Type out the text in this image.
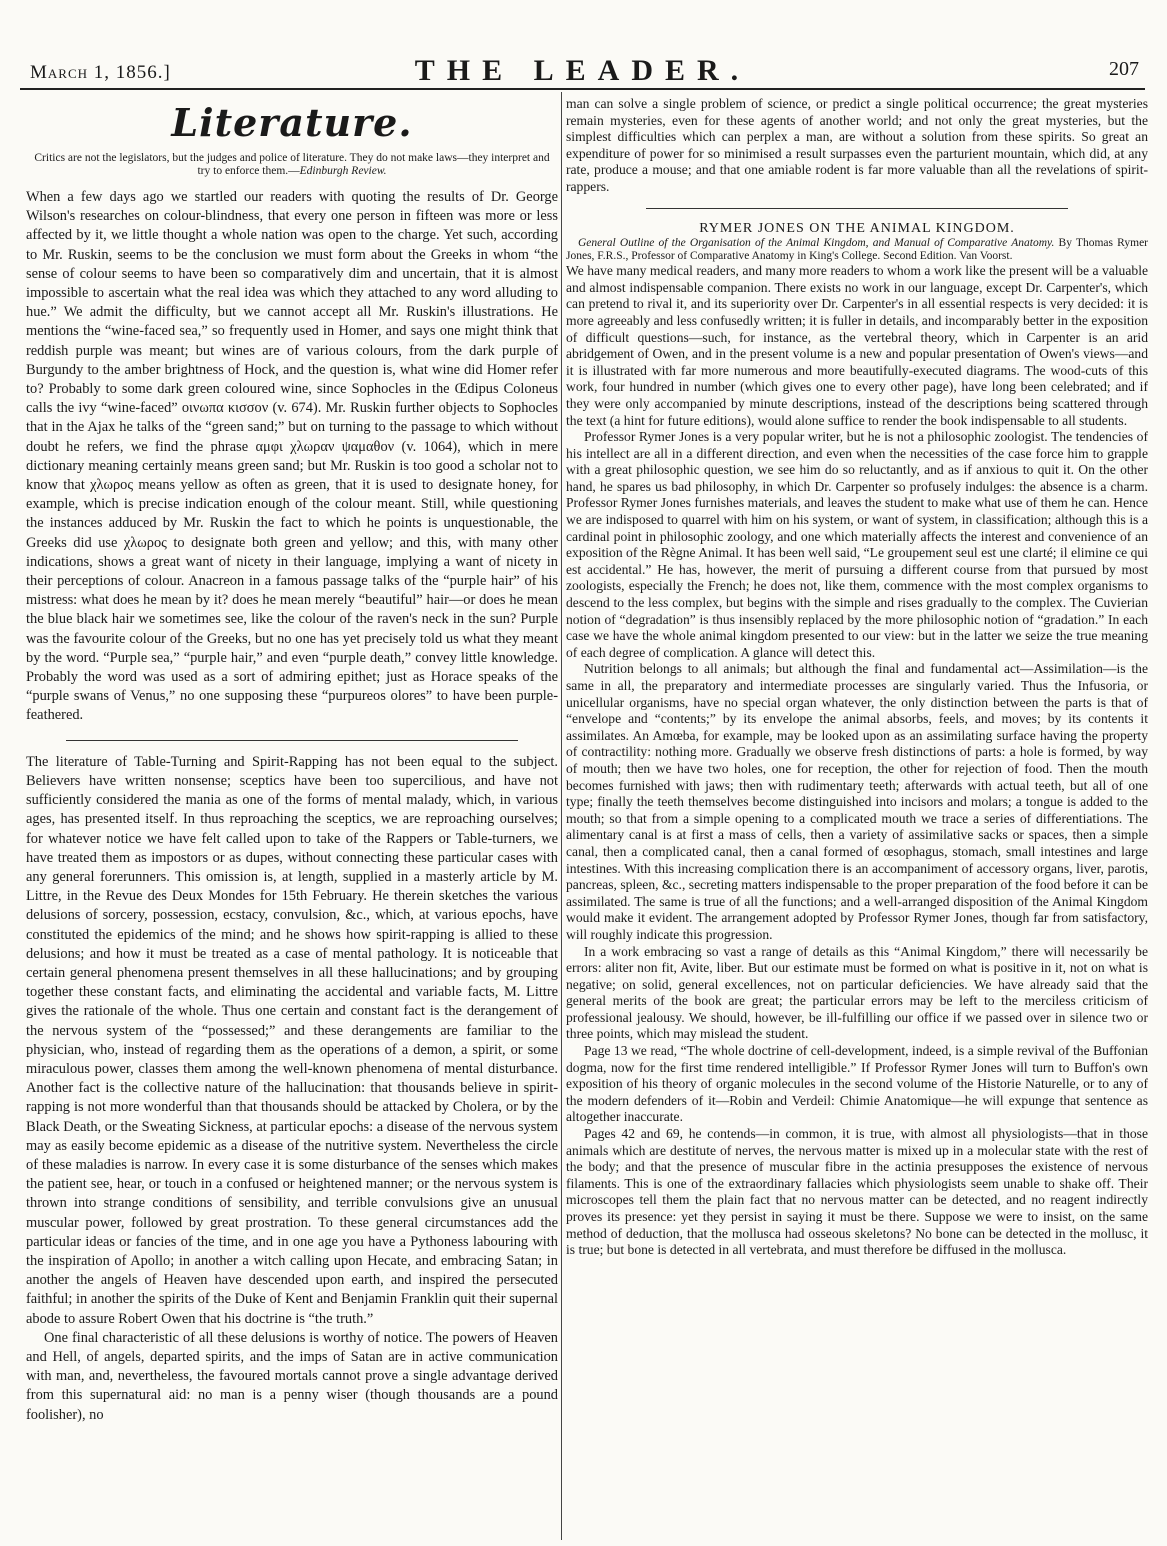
March 1, 1856.]	THE LEADER.	207
Literature.
Critics are not the legislators, but the judges and police of literature. They do not make laws—they interpret and try to enforce them.—Edinburgh Review.

When a few days ago we startled our readers with quoting the results of Dr. George Wilson's researches on colour-blindness, that every one person in fifteen was more or less affected by it, we little thought a whole nation was open to the charge. Yet such, according to Mr. Ruskin, seems to be the conclusion we must form about the Greeks in whom “the sense of colour seems to have been so comparatively dim and uncertain, that it is almost impossible to ascertain what the real idea was which they attached to any word alluding to hue.” We admit the difficulty, but we cannot accept all Mr. Ruskin's illustrations. He mentions the “wine-faced sea,” so frequently used in Homer, and says one might think that reddish purple was meant; but wines are of various colours, from the dark purple of Burgundy to the amber brightness of Hock, and the question is, what wine did Homer refer to? Probably to some dark green coloured wine, since Sophocles in the Œdipus Coloneus calls the ivy “wine-faced” οινωπα κισσον (v. 674). Mr. Ruskin further objects to Sophocles that in the Ajax he talks of the “green sand;” but on turning to the passage to which without doubt he refers, we find the phrase αμφι χλωραν ψαμαθον (v. 1064), which in mere dictionary meaning certainly means green sand; but Mr. Ruskin is too good a scholar not to know that χλωρος means yellow as often as green, that it is used to designate honey, for example, which is precise indication enough of the colour meant. Still, while questioning the instances adduced by Mr. Ruskin the fact to which he points is unquestionable, the Greeks did use χλωρος to designate both green and yellow; and this, with many other indications, shows a great want of nicety in their language, implying a want of nicety in their perceptions of colour. Anacreon in a famous passage talks of the “purple hair” of his mistress: what does he mean by it? does he mean merely “beautiful” hair—or does he mean the blue black hair we sometimes see, like the colour of the raven's neck in the sun? Purple was the favourite colour of the Greeks, but no one has yet precisely told us what they meant by the word. “Purple sea,” “purple hair,” and even “purple death,” convey little knowledge. Probably the word was used as a sort of admiring epithet; just as Horace speaks of the “purple swans of Venus,” no one supposing these “purpureos olores” to have been purple-feathered.

The literature of Table-Turning and Spirit-Rapping has not been equal to the subject. Believers have written nonsense; sceptics have been too supercilious, and have not sufficiently considered the mania as one of the forms of mental malady, which, in various ages, has presented itself. In thus reproaching the sceptics, we are reproaching ourselves; for whatever notice we have felt called upon to take of the Rappers or Table-turners, we have treated them as impostors or as dupes, without connecting these particular cases with any general forerunners. This omission is, at length, supplied in a masterly article by M. Littre, in the Revue des Deux Mondes for 15th February. He therein sketches the various delusions of sorcery, possession, ecstacy, convulsion, &c., which, at various epochs, have constituted the epidemics of the mind; and he shows how spirit-rapping is allied to these delusions; and how it must be treated as a case of mental pathology. It is noticeable that certain general phenomena present themselves in all these hallucinations; and by grouping together these constant facts, and eliminating the accidental and variable facts, M. Littre gives the rationale of the whole. Thus one certain and constant fact is the derangement of the nervous system of the “possessed;” and these derangements are familiar to the physician, who, instead of regarding them as the operations of a demon, a spirit, or some miraculous power, classes them among the well-known phenomena of mental disturbance. Another fact is the collective nature of the hallucination: that thousands believe in spirit-rapping is not more wonderful than that thousands should be attacked by Cholera, or by the Black Death, or the Sweating Sickness, at particular epochs: a disease of the nervous system may as easily become epidemic as a disease of the nutritive system. Nevertheless the circle of these maladies is narrow. In every case it is some disturbance of the senses which makes the patient see, hear, or touch in a confused or heightened manner; or the nervous system is thrown into strange conditions of sensibility, and terrible convulsions give an unusual muscular power, followed by great prostration. To these general circumstances add the particular ideas or fancies of the time, and in one age you have a Pythoness labouring with the inspiration of Apollo; in another a witch calling upon Hecate, and embracing Satan; in another the angels of Heaven have descended upon earth, and inspired the persecuted faithful; in another the spirits of the Duke of Kent and Benjamin Franklin quit their supernal abode to assure Robert Owen that his doctrine is “the truth.”

One final characteristic of all these delusions is worthy of notice. The powers of Heaven and Hell, of angels, departed spirits, and the imps of Satan are in active communication with man, and, nevertheless, the favoured mortals cannot prove a single advantage derived from this supernatural aid: no man is a penny wiser (though thousands are a pound foolisher), no

man can solve a single problem of science, or predict a single political occurrence; the great mysteries remain mysteries, even for these agents of another world; and not only the great mysteries, but the simplest difficulties which can perplex a man, are without a solution from these spirits. So great an expenditure of power for so minimised a result surpasses even the parturient mountain, which did, at any rate, produce a mouse; and that one amiable rodent is far more valuable than all the revelations of spirit-rappers.

RYMER JONES ON THE ANIMAL KINGDOM.
General Outline of the Organisation of the Animal Kingdom, and Manual of Comparative Anatomy. By Thomas Rymer Jones, F.R.S., Professor of Comparative Anatomy in King's College. Second Edition. Van Voorst.

We have many medical readers, and many more readers to whom a work like the present will be a valuable and almost indispensable companion. There exists no work in our language, except Dr. Carpenter's, which can pretend to rival it, and its superiority over Dr. Carpenter's in all essential respects is very decided: it is more agreeably and less confusedly written; it is fuller in details, and incomparably better in the exposition of difficult questions—such, for instance, as the vertebral theory, which in Carpenter is an arid abridgement of Owen, and in the present volume is a new and popular presentation of Owen's views—and it is illustrated with far more numerous and more beautifully-executed diagrams. The wood-cuts of this work, four hundred in number (which gives one to every other page), have long been celebrated; and if they were only accompanied by minute descriptions, instead of the descriptions being scattered through the text (a hint for future editions), would alone suffice to render the book indispensable to all students.

Professor Rymer Jones is a very popular writer, but he is not a philosophic zoologist. The tendencies of his intellect are all in a different direction, and even when the necessities of the case force him to grapple with a great philosophic question, we see him do so reluctantly, and as if anxious to quit it. On the other hand, he spares us bad philosophy, in which Dr. Carpenter so profusely indulges: the absence is a charm. Professor Rymer Jones furnishes materials, and leaves the student to make what use of them he can. Hence we are indisposed to quarrel with him on his system, or want of system, in classification; although this is a cardinal point in philosophic zoology, and one which materially affects the interest and convenience of an exposition of the Règne Animal. It has been well said, “Le groupement seul est une clarté; il elimine ce qui est accidental.” He has, however, the merit of pursuing a different course from that pursued by most zoologists, especially the French; he does not, like them, commence with the most complex organisms to descend to the less complex, but begins with the simple and rises gradually to the complex. The Cuvierian notion of “degradation” is thus insensibly replaced by the more philosophic notion of “gradation.” In each case we have the whole animal kingdom presented to our view: but in the latter we seize the true meaning of each degree of complication. A glance will detect this.

Nutrition belongs to all animals; but although the final and fundamental act—Assimilation—is the same in all, the preparatory and intermediate processes are singularly varied. Thus the Infusoria, or unicellular organisms, have no special organ whatever, the only distinction between the parts is that of “envelope and “contents;” by its envelope the animal absorbs, feels, and moves; by its contents it assimilates. An Amœba, for example, may be looked upon as an assimilating surface having the property of contractility: nothing more. Gradually we observe fresh distinctions of parts: a hole is formed, by way of mouth; then we have two holes, one for reception, the other for rejection of food. Then the mouth becomes furnished with jaws; then with rudimentary teeth; afterwards with actual teeth, but all of one type; finally the teeth themselves become distinguished into incisors and molars; a tongue is added to the mouth; so that from a simple opening to a complicated mouth we trace a series of differentiations. The alimentary canal is at first a mass of cells, then a variety of assimilative sacks or spaces, then a simple canal, then a complicated canal, then a canal formed of œsophagus, stomach, small intestines and large intestines. With this increasing complication there is an accompaniment of accessory organs, liver, parotis, pancreas, spleen, &c., secreting matters indispensable to the proper preparation of the food before it can be assimilated. The same is true of all the functions; and a well-arranged disposition of the Animal Kingdom would make it evident. The arrangement adopted by Professor Rymer Jones, though far from satisfactory, will roughly indicate this progression.

In a work embracing so vast a range of details as this “Animal Kingdom,” there will necessarily be errors: aliter non fit, Avite, liber. But our estimate must be formed on what is positive in it, not on what is negative; on solid, general excellences, not on particular deficiencies. We have already said that the general merits of the book are great; the particular errors may be left to the merciless criticism of professional jealousy. We should, however, be ill-fulfilling our office if we passed over in silence two or three points, which may mislead the student.

Page 13 we read, “The whole doctrine of cell-development, indeed, is a simple revival of the Buffonian dogma, now for the first time rendered intelligible.” If Professor Rymer Jones will turn to Buffon's own exposition of his theory of organic molecules in the second volume of the Historie Naturelle, or to any of the modern defenders of it—Robin and Verdeil: Chimie Anatomique—he will expunge that sentence as altogether inaccurate.

Pages 42 and 69, he contends—in common, it is true, with almost all physiologists—that in those animals which are destitute of nerves, the nervous matter is mixed up in a molecular state with the rest of the body; and that the presence of muscular fibre in the actinia presupposes the existence of nervous filaments. This is one of the extraordinary fallacies which physiologists seem unable to shake off. Their microscopes tell them the plain fact that no nervous matter can be detected, and no reagent indirectly proves its presence: yet they persist in saying it must be there. Suppose we were to insist, on the same method of deduction, that the mollusca had osseous skeletons? No bone can be detected in the mollusc, it is true; but bone is detected in all vertebrata, and must therefore be diffused in the mollusca.
